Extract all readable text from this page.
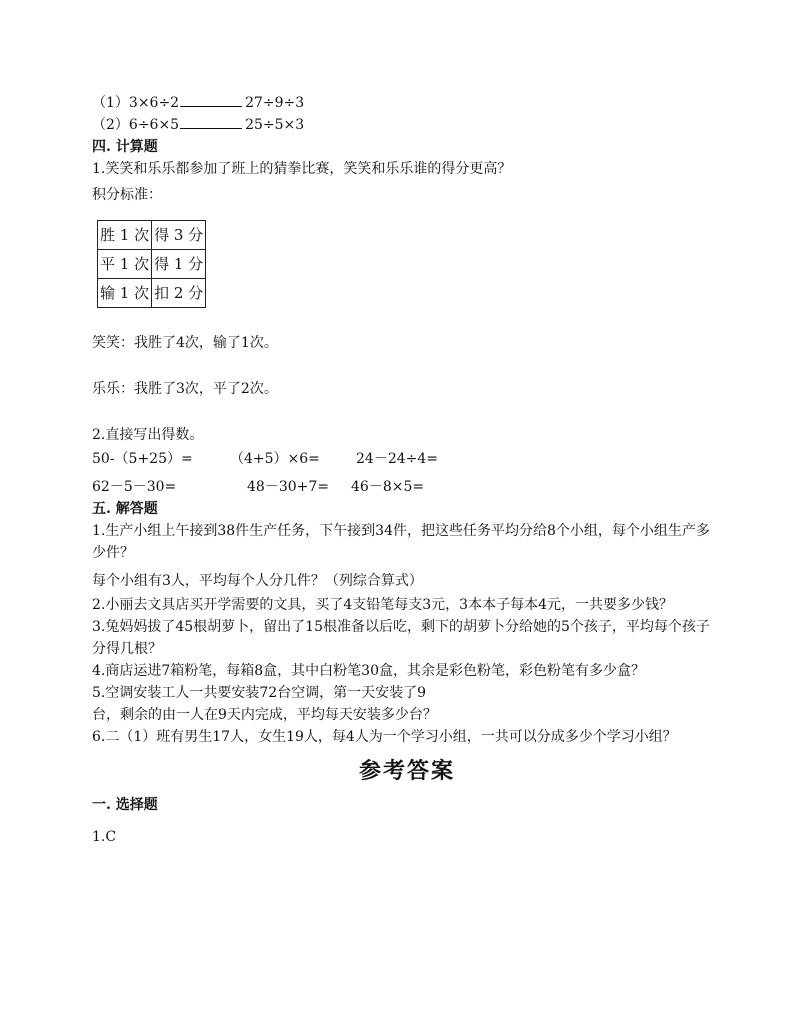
（1）3×6÷2	27÷9÷3
（2）6÷6×5	25÷5×3
四. 计算题
1.笑笑和乐乐都参加了班上的猜拳比赛，笑笑和乐乐谁的得分更高？
积分标准：
胜 1 次	得 3 分
平 1 次	得 1 分
输 1 次	扣 2 分
笑笑：我胜了4次，输了1次。
乐乐：我胜了3次，平了2次。
2.直接写出得数。
50-（5+25）=	（4+5）×6=	24－24÷4=
62－5－30=	48－30+7= 46－8×5=
五. 解答题
1.生产小组上午接到38件生产任务，下午接到34件，把这些任务平均分给8个小组，每个小组生产多少件？
每个小组有3人，平均每个人分几件？（列综合算式）
2.小丽去文具店买开学需要的文具，买了4支铅笔每支3元，3本本子每本4元，一共要多少钱？
3.兔妈妈拔了45根胡萝卜，留出了15根准备以后吃，剩下的胡萝卜分给她的5个孩子，平均每个孩子分得几根？
4.商店运进7箱粉笔，每箱8盒，其中白粉笔30盒，其余是彩色粉笔，彩色粉笔有多少盒？
5.空调安装工人一共要安装72台空调，第一天安装了9
台，剩余的由一人在9天内完成，平均每天安装多少台？
6.二（1）班有男生17人，女生19人，每4人为一个学习小组，一共可以分成多少个学习小组？
参考答案
一. 选择题
1.C
